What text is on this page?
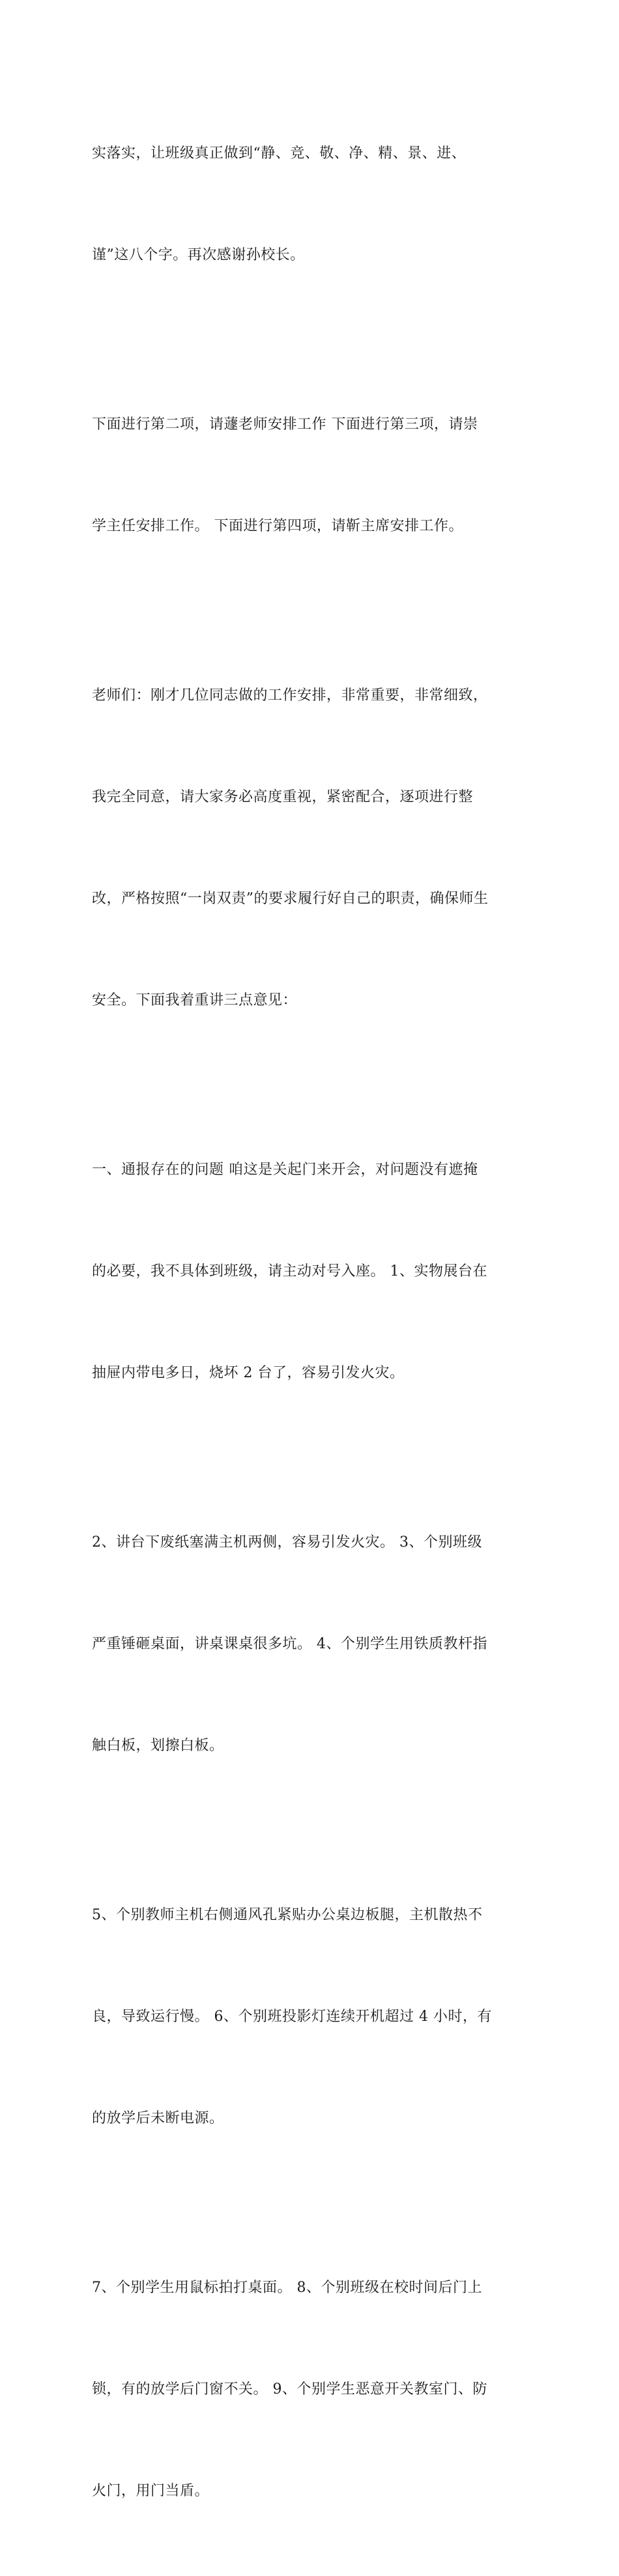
实落实，让班级真正做到“静、竞、敬、净、精、景、进、

谨”这八个字。再次感谢孙校长。

下面进行第二项，请蘧老师安排工作 下面进行第三项，请崇

学主任安排工作。 下面进行第四项，请靳主席安排工作。

老师们：刚才几位同志做的工作安排，非常重要，非常细致，

我完全同意，请大家务必高度重视，紧密配合，逐项进行整

改，严格按照“一岗双责”的要求履行好自己的职责，确保师生

安全。下面我着重讲三点意见：

一、通报存在的问题 咱这是关起门来开会，对问题没有遮掩

的必要，我不具体到班级，请主动对号入座。 1、实物展台在

抽屉内带电多日，烧坏 2 台了，容易引发火灾。

2、讲台下废纸塞满主机两侧，容易引发火灾。 3、个别班级

严重锤砸桌面，讲桌课桌很多坑。 4、个别学生用铁质教杆指

触白板，划擦白板。

5、个别教师主机右侧通风孔紧贴办公桌边板腿，主机散热不

良，导致运行慢。 6、个别班投影灯连续开机超过 4 小时，有

的放学后未断电源。

7、个别学生用鼠标拍打桌面。 8、个别班级在校时间后门上

锁，有的放学后门窗不关。 9、个别学生恶意开关教室门、防

火门，用门当盾。
